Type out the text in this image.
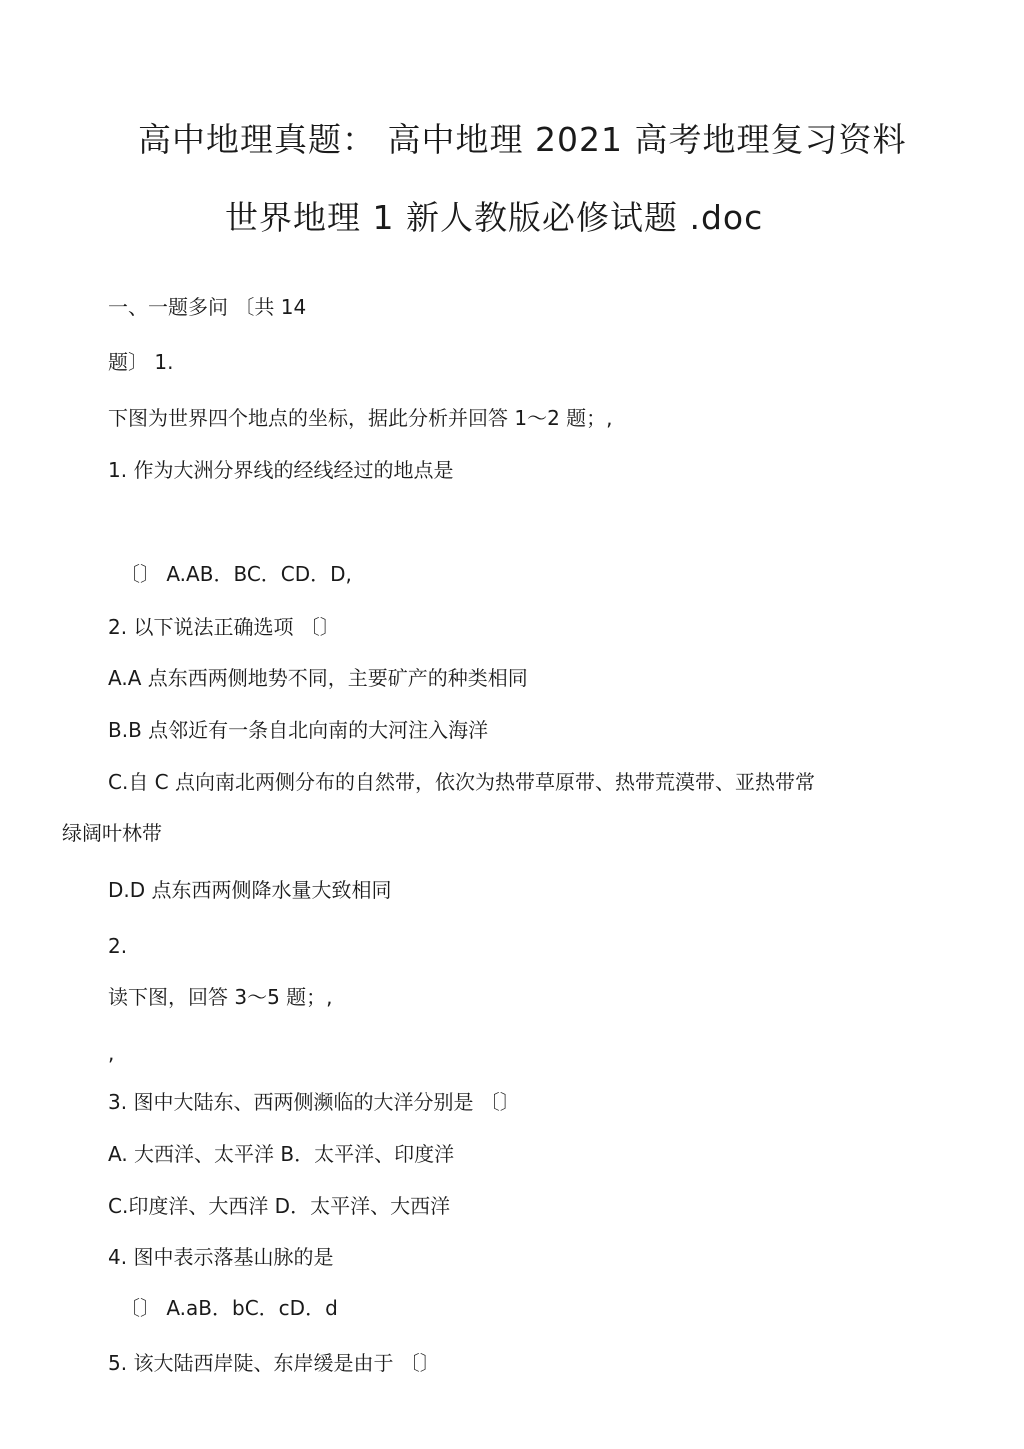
高中地理真题： 高中地理 2021 高考地理复习资料
世界地理 1 新人教版必修试题 .doc
一、一题多问 〔共 14
题〕 1.
下图为世界四个地点的坐标，据此分析并回答 1～2 题；,
1. 作为大洲分界线的经线经过的地点是
〔〕 A.AB．BC．CD．D,
2. 以下说法正确选项 〔〕
A.A 点东西两侧地势不同，主要矿产的种类相同
B.B 点邻近有一条自北向南的大河注入海洋
C.自 C 点向南北两侧分布的自然带，依次为热带草原带、热带荒漠带、亚热带常
绿阔叶林带
D.D 点东西两侧降水量大致相同
2.
读下图，回答 3～5 题；,
,
3. 图中大陆东、西两侧濒临的大洋分别是 〔〕
A. 大西洋、太平洋 B．太平洋、印度洋
C.印度洋、大西洋 D．太平洋、大西洋
4. 图中表示落基山脉的是
〔〕 A.aB．bC．cD．d
5. 该大陆西岸陡、东岸缓是由于 〔〕
